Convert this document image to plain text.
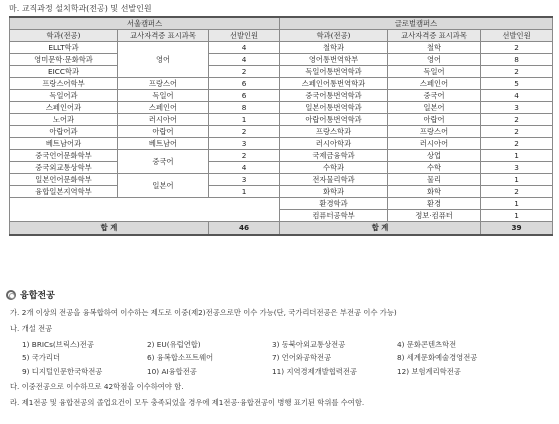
마. 교직과정 설치학과(전공) 및 선발인원
서울캠퍼스			글로벌캠퍼스		
학과(전공)	교사자격증 표시과목	선발인원	학과(전공)	교사자격증 표시과목	선발인원
ELLT학과	영어	4	철학과	철학	2
영미문학·문화학과		4	영어통번역학부	영어	8
EICC학과		2	독일어통번역학과	독일어	2
프랑스어학부	프랑스어	6	스페인어통번역학과	스페인어	5
독일어과	독일어	6	중국어통번역학과	중국어	4
스페인어과	스페인어	8	일본어통번역학과	일본어	3
노어과	러시아어	1	아랍어통번역학과	아랍어	2
아랍어과	아랍어	2	프랑스학과	프랑스어	2
베트남어과	베트남어	3	러시아학과	러시아어	2
중국언어문화학부	중국어	2	국제금융학과	상업	1
중국외교통상학부		4	수학과	수학	3
일본언어문화학부	일본어	3	전자물리학과	물리	1
융합일본지역학부		1	화학과	화학	2
			환경학과	환경	1
			컴퓨터공학부	정보·컴퓨터	1
합 계		46	합 계		39
융합전공
가. 2개 이상의 전공을 융복합하여 이수하는 제도로 이중(제2)전공으로만 이수 가능(단, 국가리더전공은 부전공 이수 가능)
나. 개설 전공
1) BRICs(브릭스)전공	2) EU(유럽연합)	3) 동북아외교통상전공	4) 문화콘텐츠학전
5) 국가리더	6) 융복합소프트웨어	7) 언어와공학전공	8) 세계문화예술경영전공
9) 디지털인문한국학전공	10) AI융합전공	11) 지역경제개발협력전공	12) 보험계리학전공
다. 이중전공으로 이수하므로 42학점을 이수하여야 함.
라. 제1전공 및 융합전공의 졸업요건이 모두 충족되었을 경우에 제1전공·융합전공이 병행 표기된 학위를 수여함.
